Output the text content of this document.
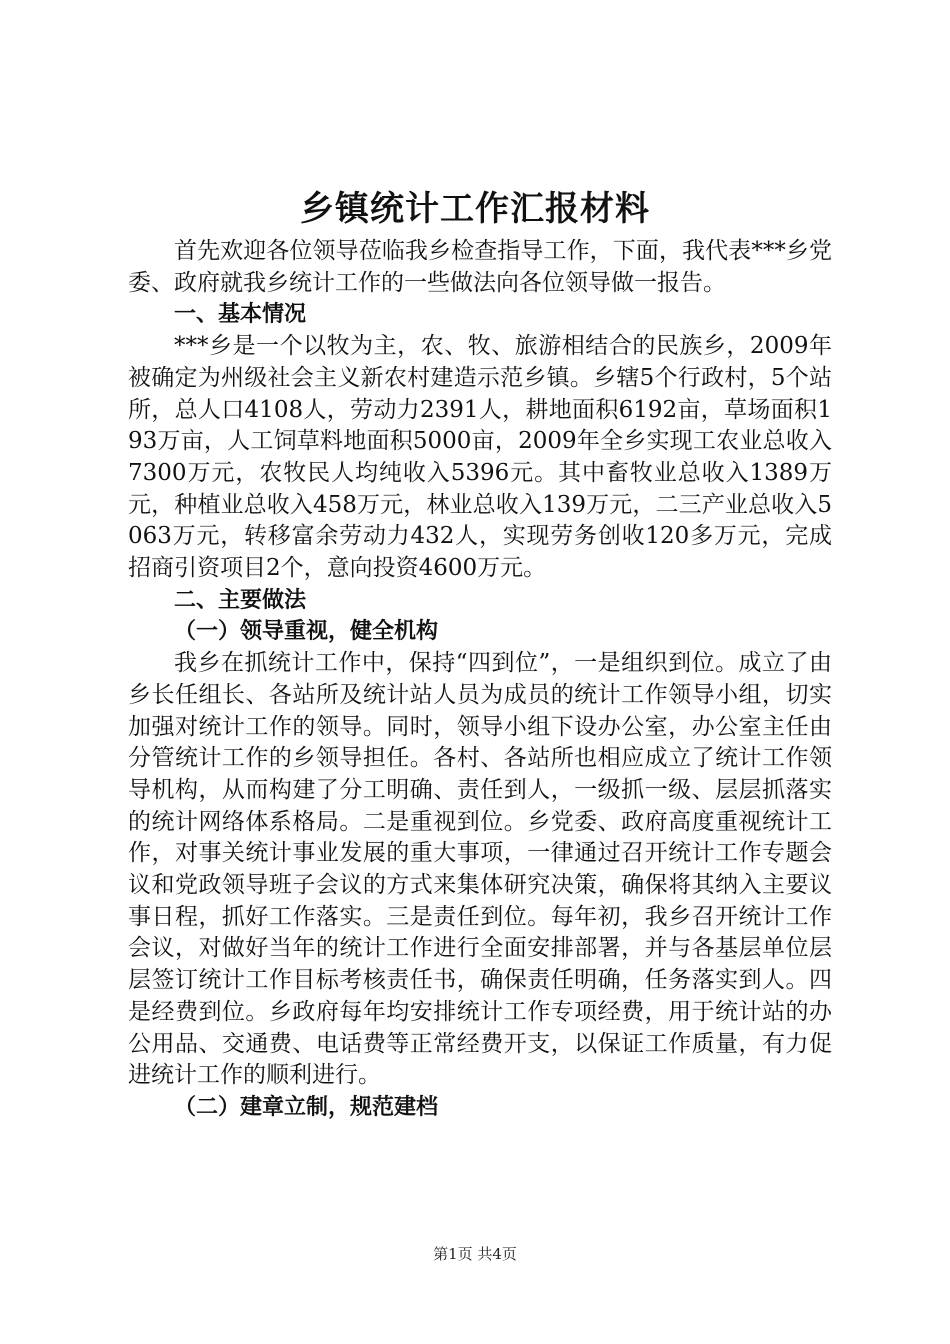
乡镇统计工作汇报材料

首先欢迎各位领导莅临我乡检查指导工作，下面，我代表***乡党委、政府就我乡统计工作的一些做法向各位领导做一报告。

一、基本情况

***乡是一个以牧为主，农、牧、旅游相结合的民族乡，2009年被确定为州级社会主义新农村建造示范乡镇。乡辖5个行政村，5个站所，总人口4108人，劳动力2391人，耕地面积6192亩，草场面积193万亩，人工饲草料地面积5000亩，2009年全乡实现工农业总收入7300万元，农牧民人均纯收入5396元。其中畜牧业总收入1389万元，种植业总收入458万元，林业总收入139万元，二三产业总收入5063万元，转移富余劳动力432人，实现劳务创收120多万元，完成招商引资项目2个，意向投资4600万元。

二、主要做法

（一）领导重视，健全机构

我乡在抓统计工作中，保持“四到位”，一是组织到位。成立了由乡长任组长、各站所及统计站人员为成员的统计工作领导小组，切实加强对统计工作的领导。同时，领导小组下设办公室，办公室主任由分管统计工作的乡领导担任。各村、各站所也相应成立了统计工作领导机构，从而构建了分工明确、责任到人，一级抓一级、层层抓落实的统计网络体系格局。二是重视到位。乡党委、政府高度重视统计工作，对事关统计事业发展的重大事项，一律通过召开统计工作专题会议和党政领导班子会议的方式来集体研究决策，确保将其纳入主要议事日程，抓好工作落实。三是责任到位。每年初，我乡召开统计工作会议，对做好当年的统计工作进行全面安排部署，并与各基层单位层层签订统计工作目标考核责任书，确保责任明确，任务落实到人。四是经费到位。乡政府每年均安排统计工作专项经费，用于统计站的办公用品、交通费、电话费等正常经费开支，以保证工作质量，有力促进统计工作的顺利进行。

（二）建章立制，规范建档

第1页 共4页
